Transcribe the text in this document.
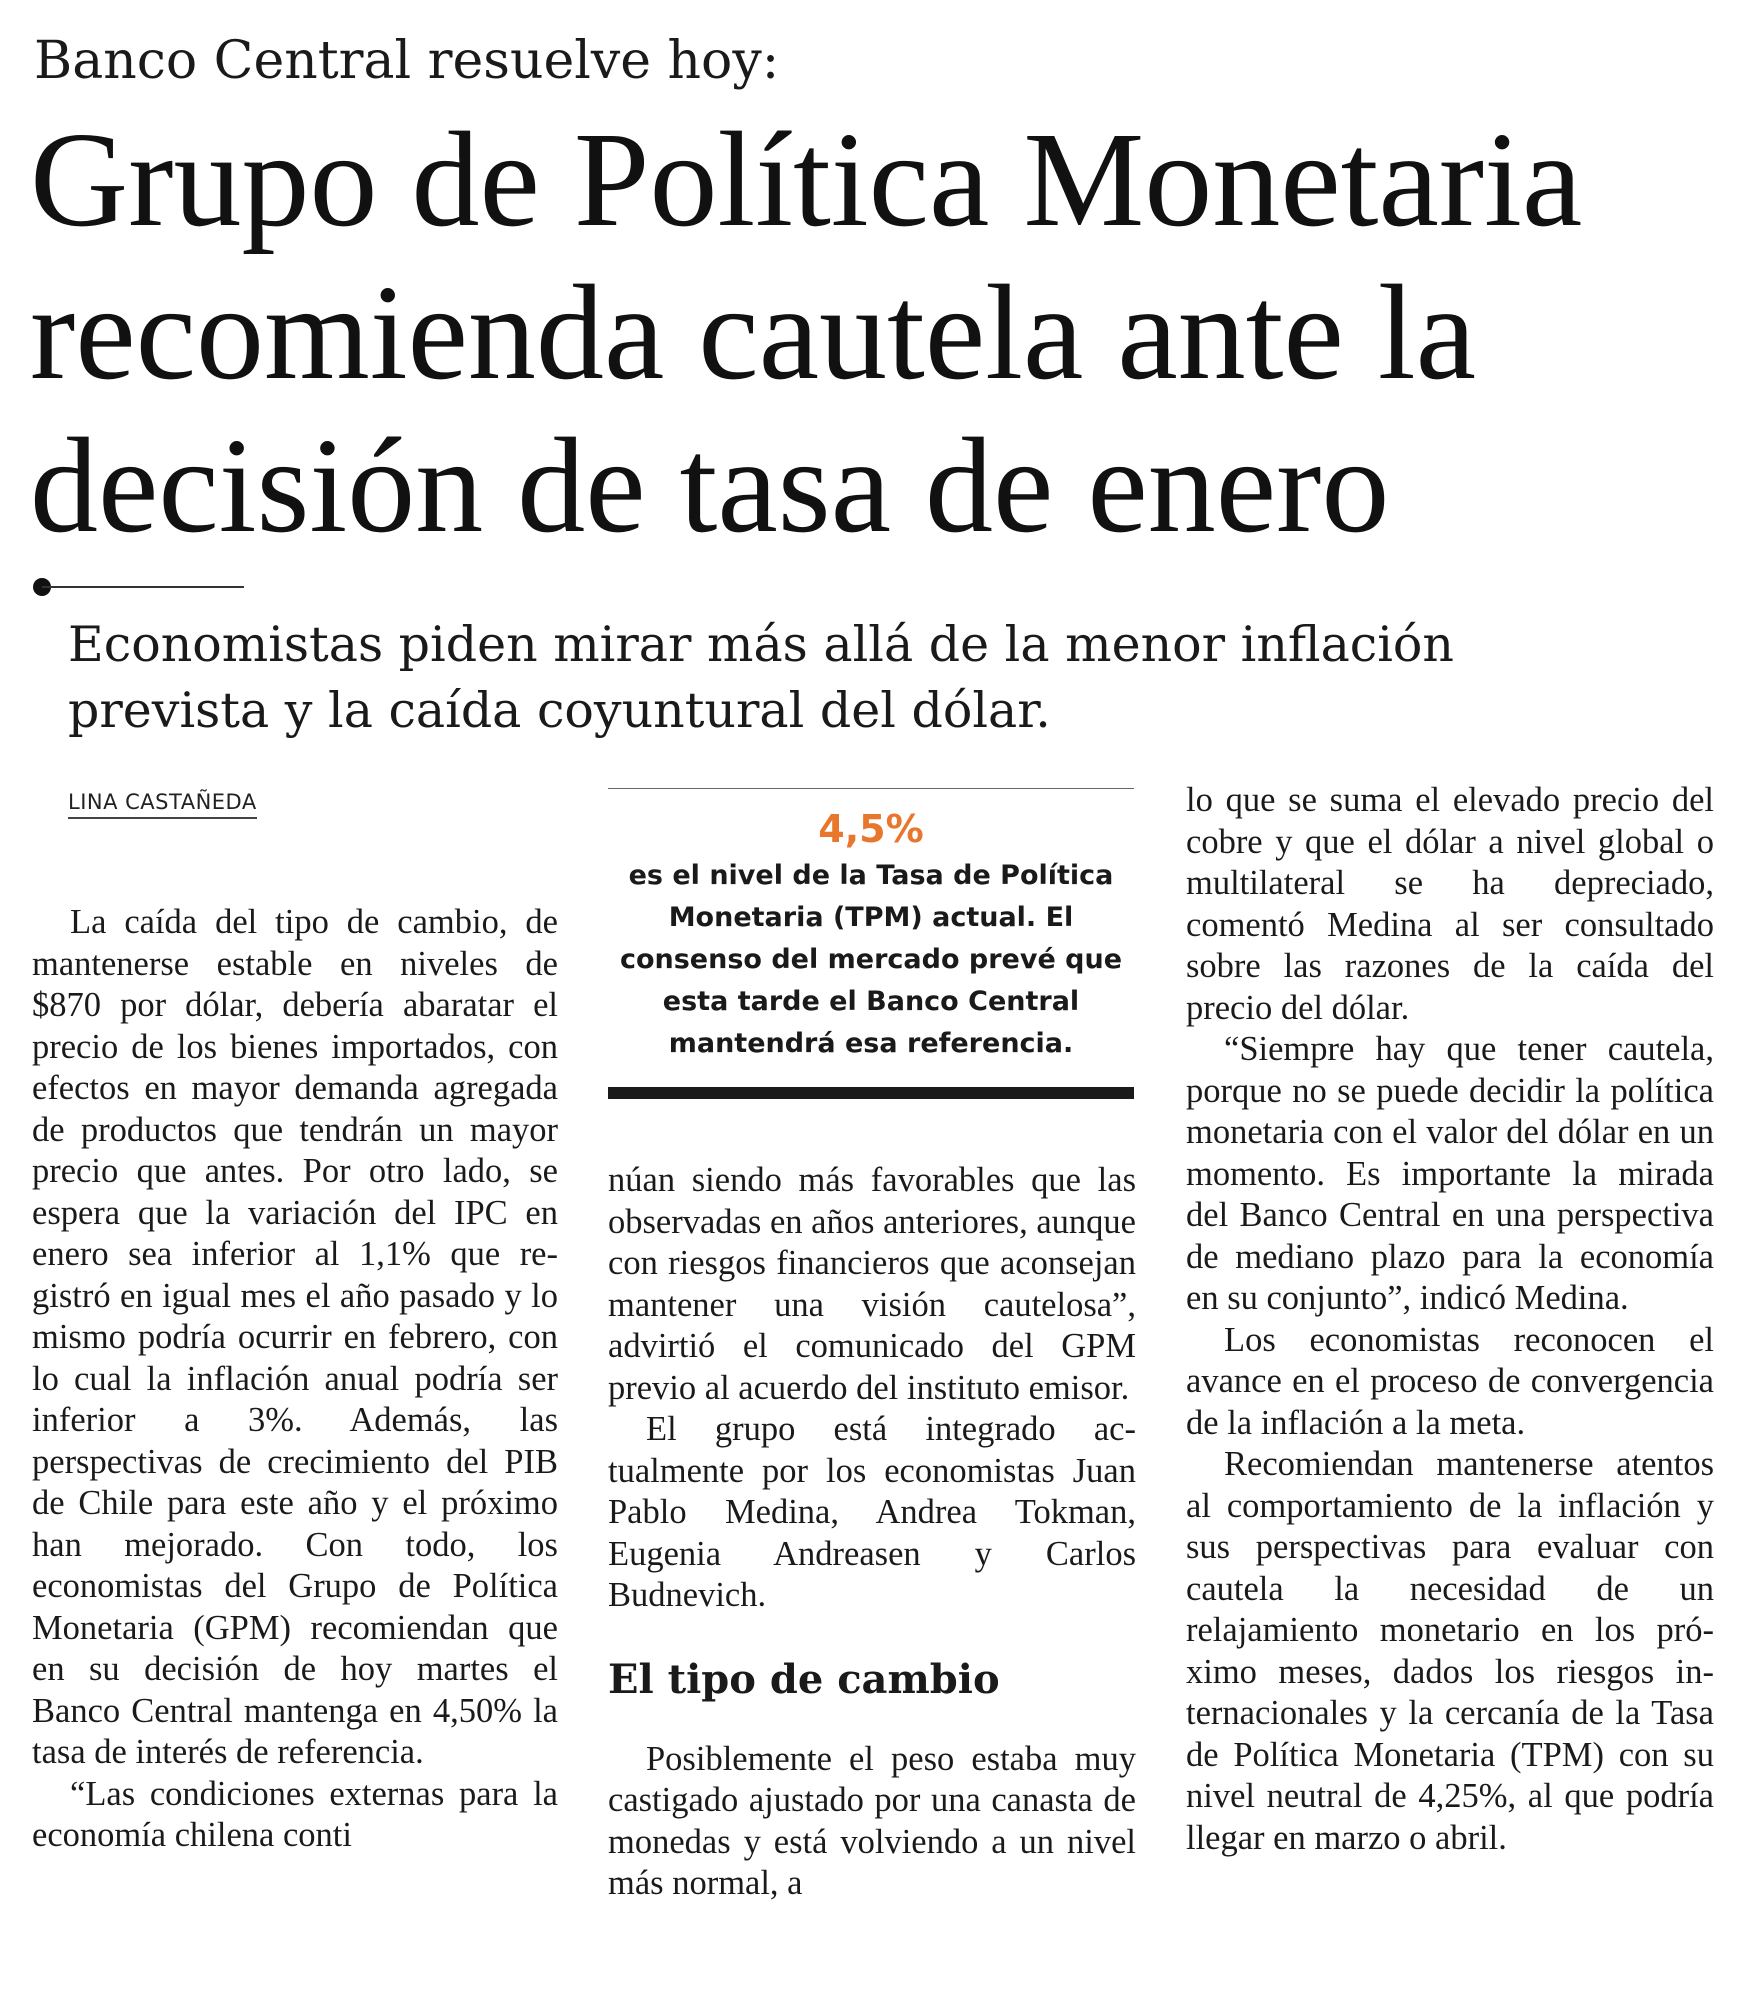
Banco Central resuelve hoy:
Grupo de Política Monetaria
recomienda cautela ante la
decisión de tasa de enero
Economistas piden mirar más allá de la menor inflación
prevista y la caída coyuntural del dólar.
LINA CASTAÑEDA

La caída del tipo de cambio, de mantenerse estable en niveles de $870 por dólar, debería abaratar el precio de los bienes importados, con efectos en mayor demanda agregada de productos que tendrán un mayor precio que antes. Por otro lado, se espera que la variación del IPC en enero sea inferior al 1,1% que registró en igual mes el año pasado y lo mismo podría ocurrir en febrero, con lo cual la inflación anual podría ser inferior a 3%. Además, las perspectivas de crecimiento del PIB de Chile para este año y el próximo han mejorado. Con todo, los economistas del Grupo de Política Monetaria (GPM) recomiendan que en su decisión de hoy martes el Banco Central mantenga en 4,50% la tasa de interés de referencia.

“Las condiciones externas para la economía chilena conti

4,5%
es el nivel de la Tasa de Política
Monetaria (TPM) actual. El
consenso del mercado prevé que
esta tarde el Banco Central
mantendrá esa referencia.

núan siendo más favorables que las observadas en años anteriores, aunque con riesgos financieros que aconsejan mantener una visión cautelosa”, advirtió el comunicado del GPM previo al acuerdo del instituto emisor.

El grupo está integrado actualmente por los economistas Juan Pablo Medina, Andrea Tokman, Eugenia Andreasen y Carlos Budnevich.

El tipo de cambio

Posiblemente el peso estaba muy castigado ajustado por una canasta de monedas y está volviendo a un nivel más normal, a

lo que se suma el elevado precio del cobre y que el dólar a nivel global o multilateral se ha depreciado, comentó Medina al ser consultado sobre las razones de la caída del precio del dólar.

“Siempre hay que tener cautela, porque no se puede decidir la política monetaria con el valor del dólar en un momento. Es importante la mirada del Banco Central en una perspectiva de mediano plazo para la economía en su conjunto”, indicó Medina.

Los economistas reconocen el avance en el proceso de convergencia de la inflación a la meta.

Recomiendan mantenerse atentos al comportamiento de la inflación y sus perspectivas para evaluar con cautela la necesidad de un relajamiento monetario en los próximo meses, dados los riesgos internacionales y la cercanía de la Tasa de Política Monetaria (TPM) con su nivel neutral de 4,25%, al que podría llegar en marzo o abril.
